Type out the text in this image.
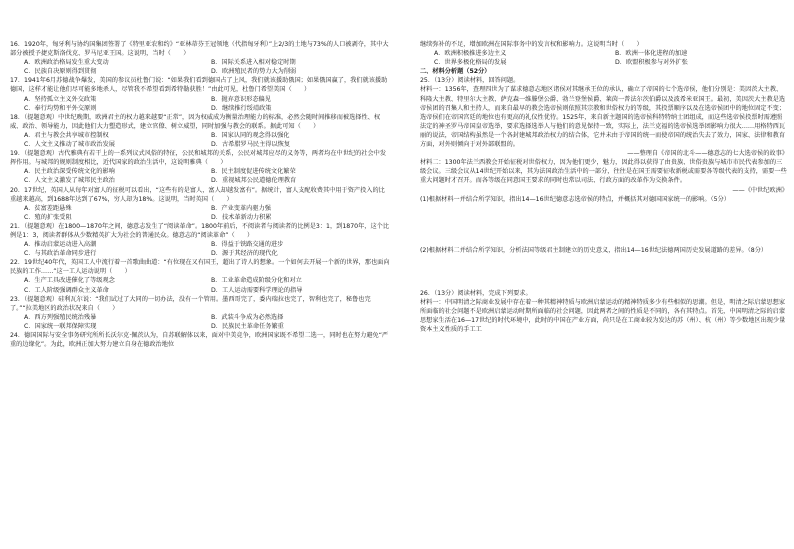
16．1920年，匈牙利与协约国集团签署了《特里亚农和约》“亚林蒂芬王冠领地（代指匈牙利）”上2/3的土地与73%的人口被剥夺，其中大部分被授予捷克斯洛伐克、罗马尼亚王国。这说明，当时（　　）
A．欧洲政治格局发生重大变动	B．国际关系进入相对稳定时期
C．民族自决原则得到贯彻	D．欧洲殖民者的势力大为削弱
17．1941年6月苏德战争爆发，美国的参议员杜鲁门说：“如果我们看到德国占了上风，我们就该援助俄国；如果俄国赢了，我们就该援助德国，这样才能让他们尽可能多地杀人，尽管我不希望看到希特勒获胜！”由此可见，杜鲁门希望美国（　　）
A．坚持孤立主义外交政策	B．抛弃意识形态偏见
C．奉行均势和平外交原则	D．继续推行绥靖政策
18．（提题意观）中世纪晚期，欧洲君主的权力越来越要“正常”，因为权威成为衡量治理能力的标准，必然会随时间推移而被选择性、权威、政治、领导能力，因此他们大力塑造形式，建立官僚、树立威望，同时加强与教会的联系。据此可知（　　）
A．君主与教会共享城市控制权	B．国家认同的观念得以强化
C．人文主义推动了城市政治发展	D．古希腊罗马民主得以恢复
19．（提题意观）古代雅典有若干上的一系列议式风俗的特征，公民和城邦的关系，公民对城邦应尽的义务等，两者均在中世纪的社会中发挥作用。与城邦的规则制度相比，近代国家的政治生活中，这说明雅典（　　）
A．民主政治深受传统文化的影响	B．民主制度促进传统文化繁荣
C．人文主义激发了城邦民主政治	D．重视城邦公民道德伦理教育
20．17世纪，英国人从每年对富人的征税可以看出，“这些有的是富人，富人却越发富有”。据统计，富人支配收费其中用于资产投入的比重越来越高，到1688年达到了67%，穷人却为18%。这说明，当时英国（　　）
A．贫富差距悬殊	B．产业变革内驱力强
C．殖的扩张受阻	D．技术革新动力积累
21．（提题意观）在1800—1870年之间，德意志发生了“阅读革命”。1800年前后，不阅读者与阅读者的比例是3：1，到1870年，这个比例是1：3，阅读者群体从少数精英扩大为社会的普通民众。德意志的“阅读革命”（　　）
A．推动启蒙运动进入高潮	B．得益于铁路交通的进步
C．与其政治革命同步进行	D．源于其经济的现代化
22．19世纪40年代，英国工人中流行着一首歌曲曲道：“有位现在又有国王，超出了诗人的想象。一个如何去开展一个新的世界，那也面向民族的工作……”这一工人运动说明（　　）
A．生产工具改进催化了等级观念	B．工业革命造成阶级分化和对立
C．工人阶级强调群众主义革命	D．工人运动需要科学理论的指导
23．（提题意观）硅利瓦尔说：“我们试过了大同的一切办法，没有一个管用。墨西哥完了，委内瑞拉也完了，智利也完了，秘鲁也完了。”“拉美地区的政治状况来自（　　）
A．西方列强殖民统治残暴	B．武装斗争成为必然选择
C．国家统一联邦保障实现	D．民族民主革命任务繁重
24．德国国际与安全事务研究所所长沃尔克·佩茨认为，自苏联解体以来，面对中美竞争，欧洲国家既不希望二选一，同时也在努力避免“严重的边缘化”。为此，欧洲正加大努力建立自身在德政治地位
继续弥补的不足，增加欧洲在国际事务中的发言权和影响力。这说明当时（　　）
A．欧洲积极推进多边主义	B．欧洲一体化进程的加速
C．世界多极化格局的发展	D．欧盟积极参与对外扩张
二、材料分析题（52分）
25．（13分）阅读材料，回答问题。
材料一：1356年，查理四世为了谋求德意志地区诸侯对其继承王位的承认，确立了帝国的七个选帝侯，他们分别是：美因茨大主教、科隆大主教、特里尔大主教、萨克森一维滕堡公爵、勃兰登堡侯爵、莱茵一普法尔茨伯爵以及波希米亚国王。最初，美因茨大主教是选帝侯团的召集人和主持人，而来自最早的教会选帝侯则依照其宗教和世俗权力的等级，其投票顺序以及在选帝侯团中的地位固定不变；选帝侯们在帝国宫廷的地位也有更高的礼仪性优待。1525年，来自新主题国的选帝侯科特特纳士团组成，而这些选帝侯投票时需遵照法定的神圣罗马帝国皇帝选举，要求选择选举人与他们的意见保持一致，实际上，法兰克福的选帝侯选举团影响力很大……用格特西瓦丽的说法，帝国结构虽然是一个各封建城邦政治权力的结合体，它并未由于帝国的统一而使帝国的统治失去了效力，国家、法律和教育方面，对外则倾向于对外部联盟的。
——整理自《帝国的北斗——德意志的七大选帝侯的故事》
材料二：1300年法兰西教会开始征税对世俗权力，因为他们更少，魅力，因此得以获得了由贵族、世俗贵族与城市市民代表参加的三级会议。三级会议从14世纪开始以来，其为法国政治生活中的一部分，往往是在国王需要征收新税或需要各等级代表的支持，需要一些重大问题时才召开。而各等级在同意国王要求的同时也常以司法、行政方面的改革作为交换条件。
——《中世纪欧洲》
(1)根据材料一并结合所学知识，指出14—16世纪德意志选帝侯的特点，并概括其对德国国家统一的影响。（5分）
(2)根据材料二并结合所学知识，分析法国等级君主制建立的历史意义，指出14—16世纪法德两国历史发展道路的差异。（8分）
26．（13分）阅读材料，完成下列要求。
材料一：中国明清之际商业发展中存在着一种其精神特质与欧洲启蒙运动的精神特质多少有些相似的思潮。但是，明清之际启蒙思想家所面临的社会问题不是欧洲启蒙运动时期所面临的社会问题，因此两者之间的性质是不同的，各有其特点。首先，中国明清之际的启蒙思想家生活在16—17世纪的时代环境中，此时的中国在产业方面，尚只是在工商业较为发达的苏（州）、杭（州）等少数地区出现少量资本主义性质的手工工
